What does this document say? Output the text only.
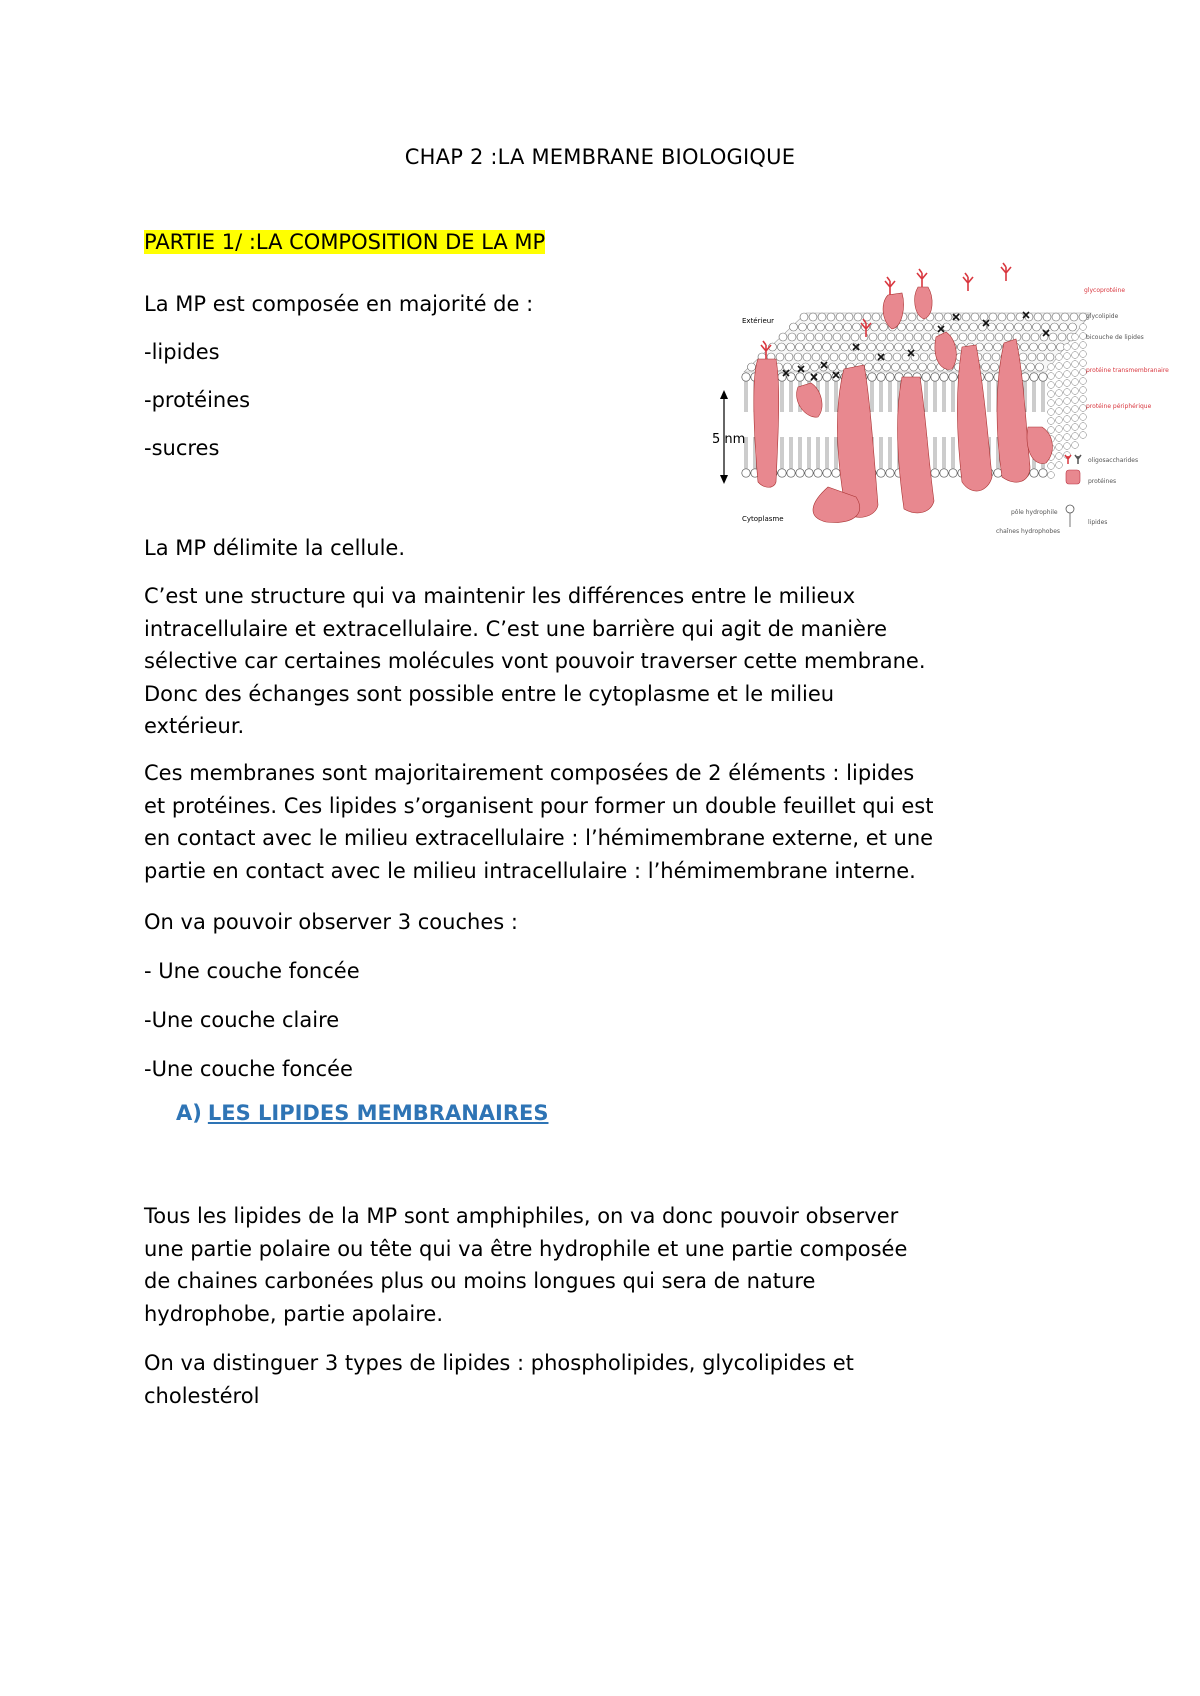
CHAP 2 :LA MEMBRANE BIOLOGIQUE
PARTIE 1/ :LA COMPOSITION DE LA MP
La MP est composée en majorité de :
-lipides
-protéines
-sucres	5 nm
Extérieur
Cytoplasme
glycoprotéine
glycolipide
bicouche de lipides
protéine transmembranaire
protéine périphérique
oligosaccharides
protéines
pôle hydrophile
chaînes hydrophobes
lipides
La MP délimite la cellule.
C’est une structure qui va maintenir les différences entre le milieux
intracellulaire et extracellulaire. C’est une barrière qui agit de manière
sélective car certaines molécules vont pouvoir traverser cette membrane.
Donc des échanges sont possible entre le cytoplasme et le milieu
extérieur.
Ces membranes sont majoritairement composées de 2 éléments : lipides
et protéines. Ces lipides s’organisent pour former un double feuillet qui est
en contact avec le milieu extracellulaire : l’hémimembrane externe, et une
partie en contact avec le milieu intracellulaire : l’hémimembrane interne.
On va pouvoir observer 3 couches :
- Une couche foncée
-Une couche claire
-Une couche foncée
A) LES LIPIDES MEMBRANAIRES
Tous les lipides de la MP sont amphiphiles, on va donc pouvoir observer
une partie polaire ou tête qui va être hydrophile et une partie composée
de chaines carbonées plus ou moins longues qui sera de nature
hydrophobe, partie apolaire.
On va distinguer 3 types de lipides : phospholipides, glycolipides et
cholestérol
